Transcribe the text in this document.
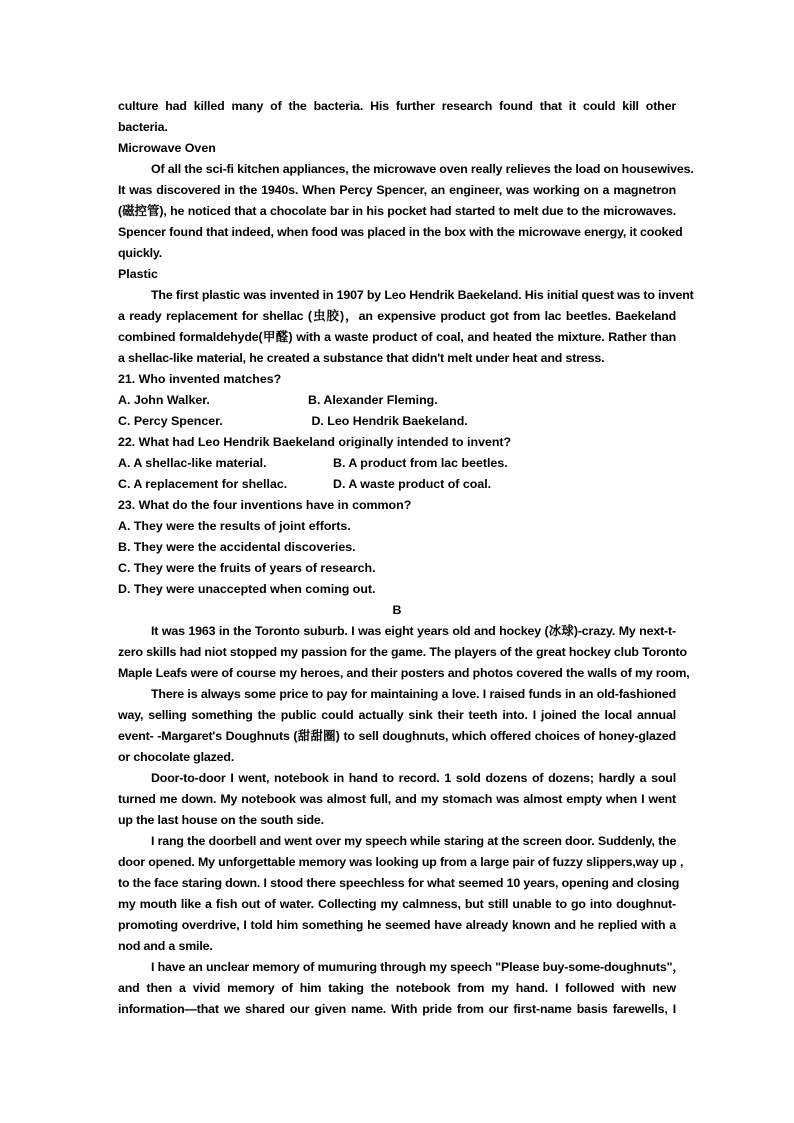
culture had killed many of the bacteria. His further research found that it could kill other
bacteria.
Microwave Oven
Of all the sci-fi kitchen appliances, the microwave oven really relieves the load on housewives.
It was discovered in the 1940s. When Percy Spencer, an engineer, was working on a magnetron
(磁控管), he noticed that a chocolate bar in his pocket had started to melt due to the microwaves.
Spencer found that indeed, when food was placed in the box with the microwave energy, it cooked
quickly.
Plastic
The first plastic was invented in 1907 by Leo Hendrik Baekeland. His initial quest was to invent
a ready replacement for shellac (虫胶)，an expensive product got from lac beetles. Baekeland
combined formaldehyde(甲醛) with a waste product of coal, and heated the mixture. Rather than
a shellac-like material, he created a substance that didn't melt under heat and stress.
21. Who invented matches?
A. John Walker.	B. Alexander Fleming.
C. Percy Spencer.	D. Leo Hendrik Baekeland.
22. What had Leo Hendrik Baekeland originally intended to invent?
A. A shellac-like material.	B. A product from lac beetles.
C. A replacement for shellac.	D. A waste product of coal.
23. What do the four inventions have in common?
A. They were the results of joint efforts.
B. They were the accidental discoveries.
C. They were the fruits of years of research.
D. They were unaccepted when coming out.
B
It was 1963 in the Toronto suburb. I was eight years old and hockey (冰球)-crazy. My next-t-
zero skills had niot stopped my passion for the game. The players of the great hockey club Toronto
Maple Leafs were of course my heroes, and their posters and photos covered the walls of my room,
There is always some price to pay for maintaining a love. I raised funds in an old-fashioned
way, selling something the public could actually sink their teeth into. I joined the local annual
event- -Margaret's Doughnuts (甜甜圈) to sell doughnuts, which offered choices of honey-glazed
or chocolate glazed.
Door-to-door I went, notebook in hand to record. 1 sold dozens of dozens; hardly a soul
turned me down. My notebook was almost full, and my stomach was almost empty when I went
up the last house on the south side.
I rang the doorbell and went over my speech while staring at the screen door. Suddenly, the
door opened. My unforgettable memory was looking up from a large pair of fuzzy slippers,way up ,
to the face staring down. I stood there speechless for what seemed 10 years, opening and closing
my mouth like a fish out of water. Collecting my calmness, but still unable to go into doughnut-
promoting overdrive, I told him something he seemed have already known and he replied with a
nod and a smile.
I have an unclear memory of mumuring through my speech "Please buy-some-doughnuts"，
and then a vivid memory of him taking the notebook from my hand. I followed with new
information—that we shared our given name. With pride from our first-name basis farewells, I
